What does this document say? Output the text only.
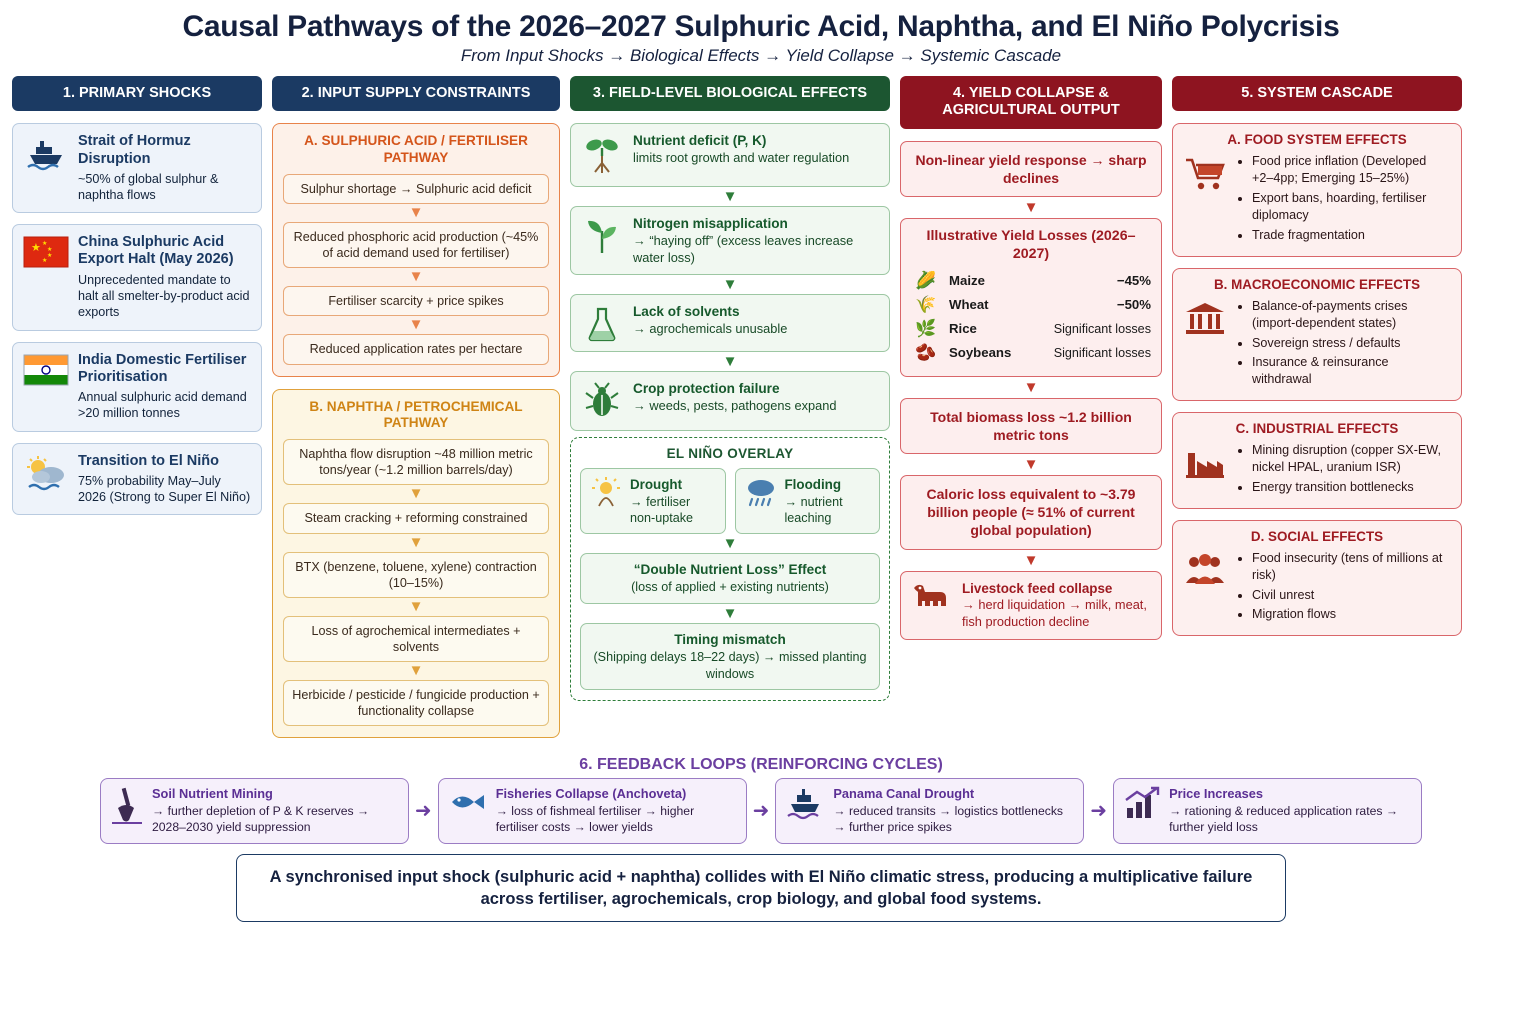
Causal Pathways of the 2026–2027 Sulphuric Acid, Naphtha, and El Niño Polycrisis
From Input Shocks → Biological Effects → Yield Collapse → Systemic Cascade
1. PRIMARY SHOCKS
Strait of Hormuz Disruption
~50% of global sulphur & naphtha flows
★ ★
★
★
★
China Sulphuric Acid Export Halt (May 2026)
Unprecedented mandate to halt all smelter-by-product acid exports
India Domestic Fertiliser Prioritisation
Annual sulphuric acid demand >20 million tonnes
Transition to El Niño
75% probability May–July 2026 (Strong to Super El Niño)
2. INPUT SUPPLY CONSTRAINTS
A. SULPHURIC ACID / FERTILISER PATHWAY
Sulphur shortage → Sulphuric acid deficit
▼
Reduced phosphoric acid production (~45% of acid demand used for fertiliser)
▼
Fertiliser scarcity + price spikes
▼
Reduced application rates per hectare
B. NAPHTHA / PETROCHEMICAL PATHWAY
Naphtha flow disruption ~48 million metric tons/year (~1.2 million barrels/day)
▼
Steam cracking + reforming constrained
▼
BTX (benzene, toluene, xylene) contraction (10–15%)
▼
Loss of agrochemical intermediates + solvents
▼
Herbicide / pesticide / fungicide production + functionality collapse
3. FIELD-LEVEL BIOLOGICAL EFFECTS
Nutrient deficit (P, K)
limits root growth and water regulation
▼
Nitrogen misapplication
→ “haying off” (excess leaves increase water loss)
▼
Lack of solvents
→ agrochemicals unusable
▼
Crop protection failure
→ weeds, pests, pathogens expand
EL NIÑO OVERLAY
Drought
→ fertiliser non-uptake
Flooding
→ nutrient leaching
▼
“Double Nutrient Loss” Effect
(loss of applied + existing nutrients)
▼
Timing mismatch
(Shipping delays 18–22 days) → missed planting windows
4. YIELD COLLAPSE & AGRICULTURAL OUTPUT
Non-linear yield response → sharp declines
▼
Illustrative Yield Losses (2026–2027)
🌽 Maize	−45%
🌾 Wheat	−50%
🌿 Rice	Significant losses
🫘 Soybeans	Significant losses
▼
Total biomass loss ~1.2 billion metric tons
▼
Caloric loss equivalent to ~3.79 billion people (≈ 51% of current global population)
▼
Livestock feed collapse
→ herd liquidation → milk, meat, fish production decline
5. SYSTEM CASCADE
A. FOOD SYSTEM EFFECTS
• Food price inflation (Developed +2–4pp; Emerging 15–25%)
• Export bans, hoarding, fertiliser diplomacy
• Trade fragmentation
B. MACROECONOMIC EFFECTS
• Balance-of-payments crises (import-dependent states)
• Sovereign stress / defaults
• Insurance & reinsurance withdrawal
C. INDUSTRIAL EFFECTS
• Mining disruption (copper SX-EW, nickel HPAL, uranium ISR)
• Energy transition bottlenecks
D. SOCIAL EFFECTS
• Food insecurity (tens of millions at risk)
• Civil unrest
• Migration flows
6. FEEDBACK LOOPS (REINFORCING CYCLES)
Soil Nutrient Mining
→ further depletion of P & K reserves → 2028–2030 yield suppression
➜
Fisheries Collapse (Anchoveta)
→ loss of fishmeal fertiliser → higher fertiliser costs → lower yields
➜
Panama Canal Drought
→ reduced transits → logistics bottlenecks → further price spikes
➜
Price Increases
→ rationing & reduced application rates → further yield loss
A synchronised input shock (sulphuric acid + naphtha) collides with El Niño climatic stress, producing a multiplicative failure across fertiliser, agrochemicals, crop biology, and global food systems.
